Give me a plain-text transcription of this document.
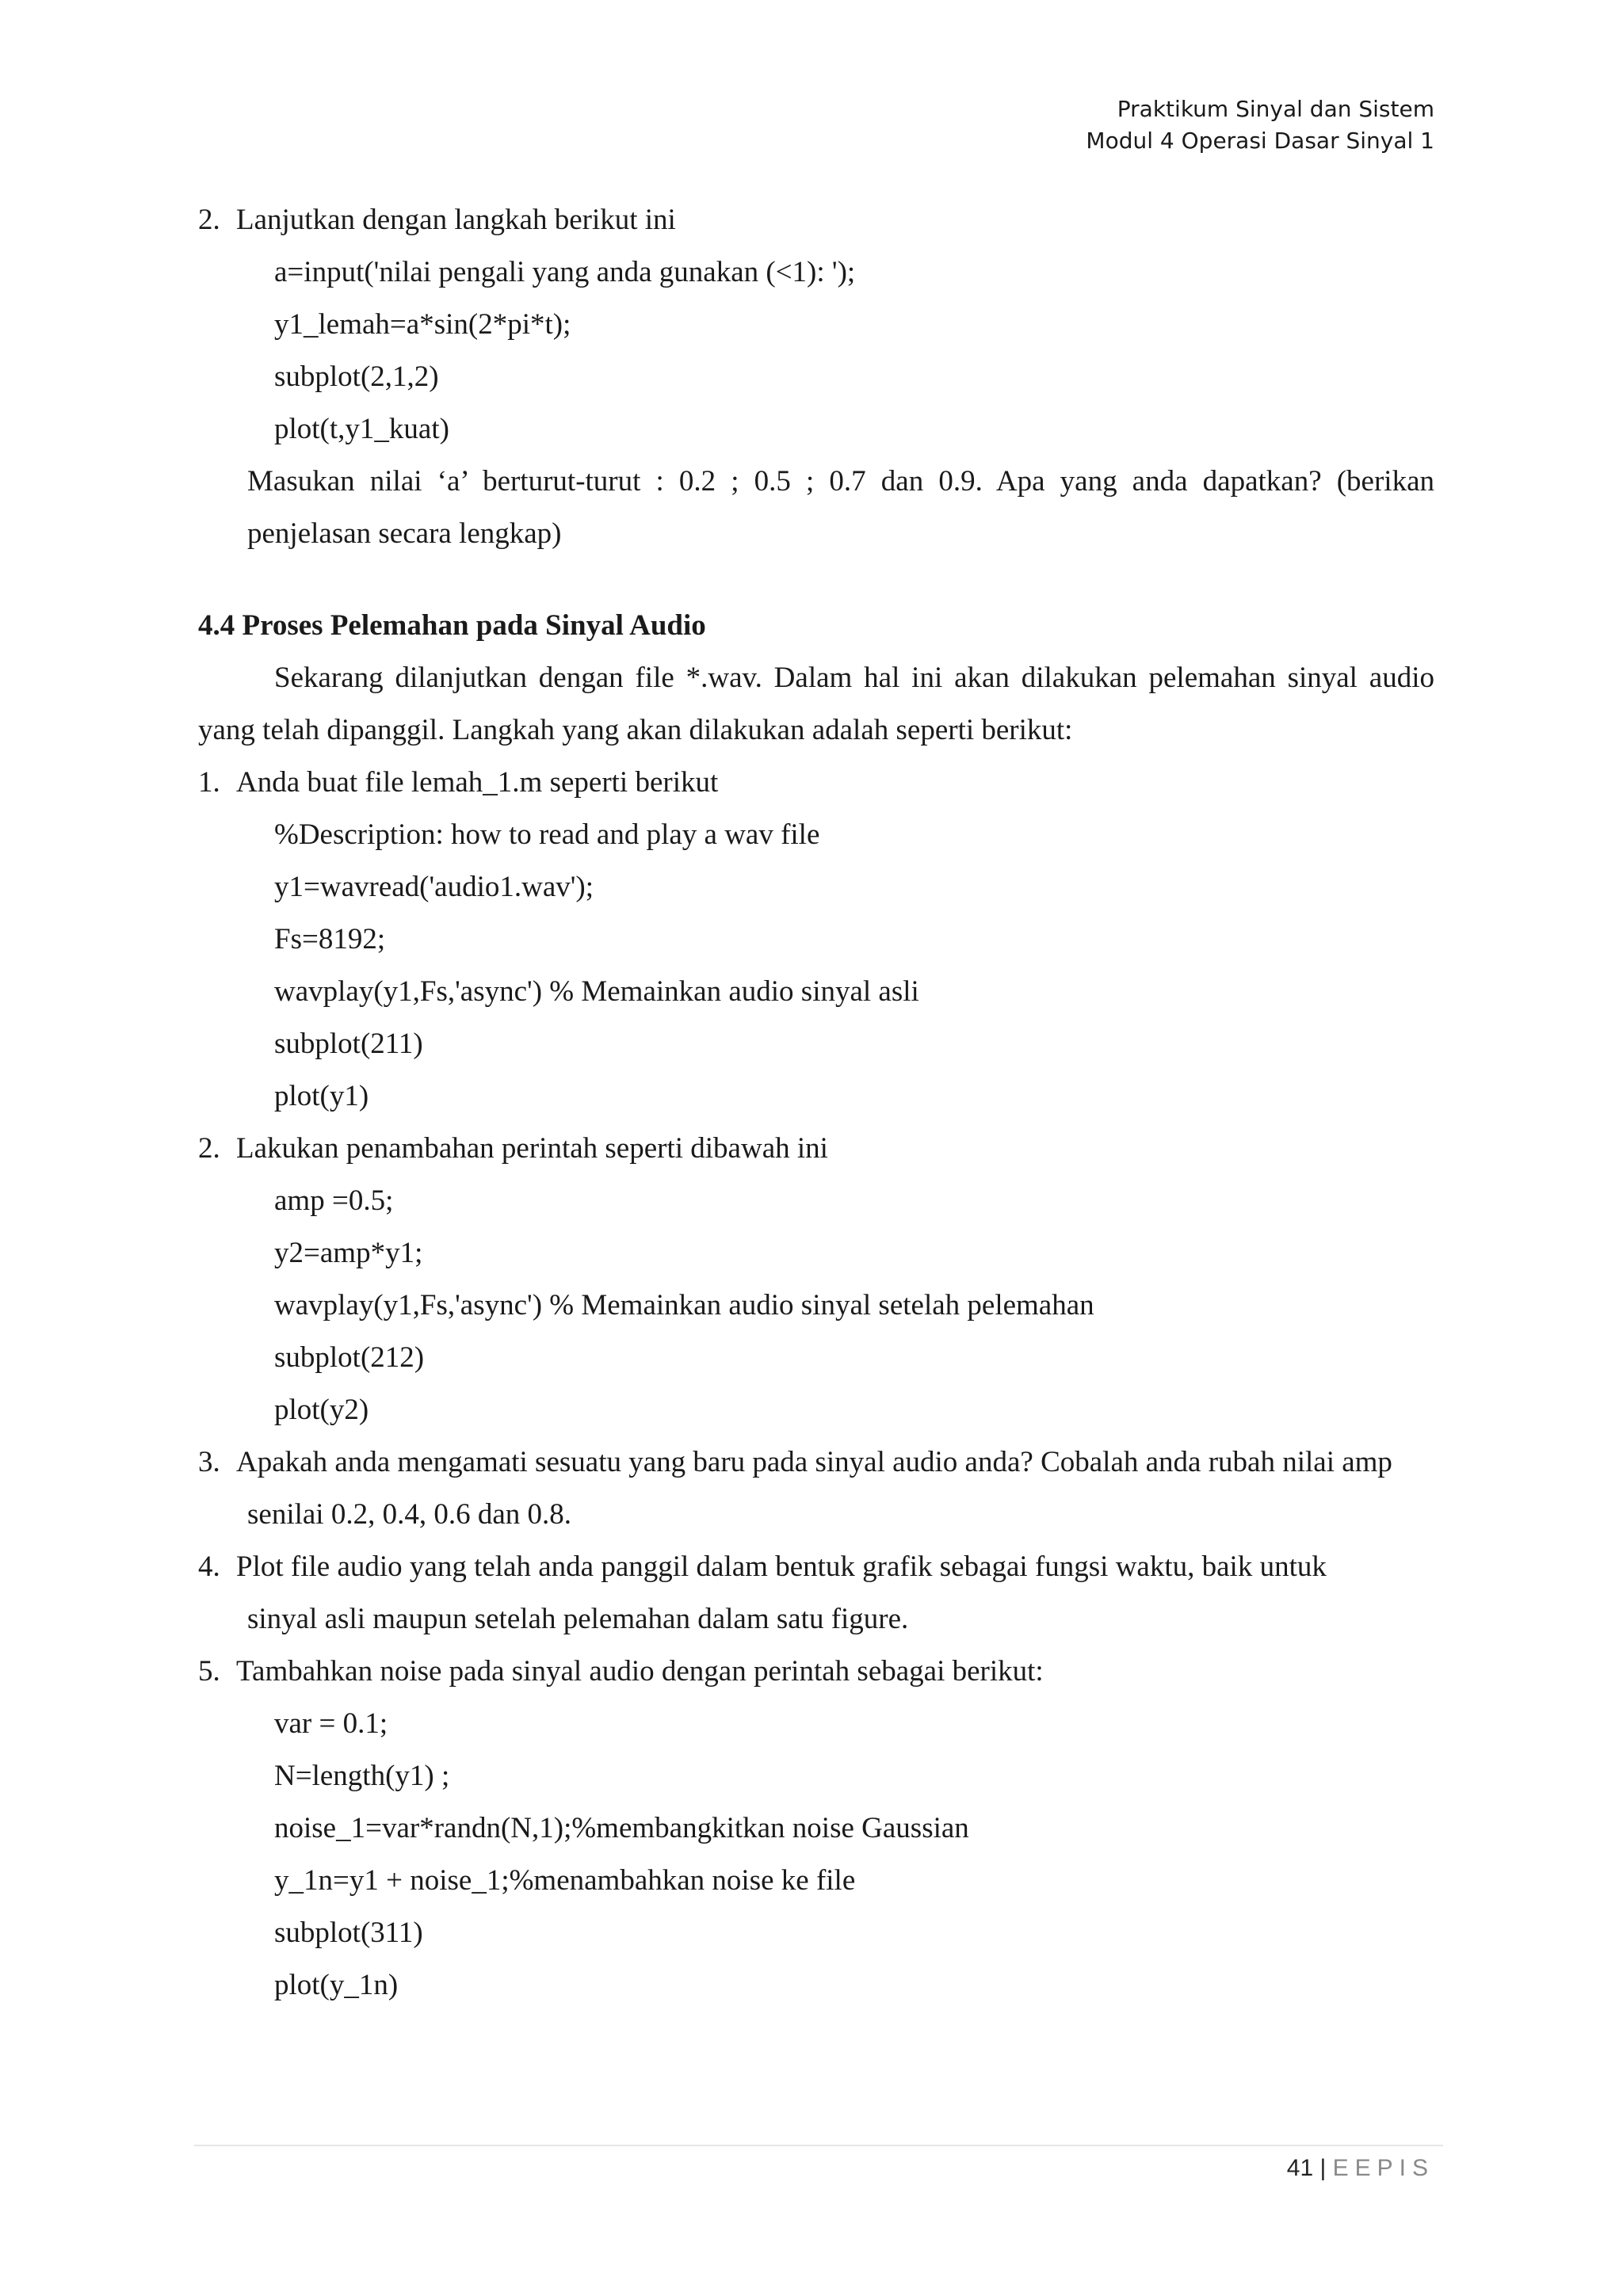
Praktikum Sinyal dan Sistem
Modul 4 Operasi Dasar Sinyal 1
2. Lanjutkan dengan langkah berikut ini
a=input('nilai pengali yang anda gunakan (<1): ');
y1_lemah=a*sin(2*pi*t);
subplot(2,1,2)
plot(t,y1_kuat)
Masukan nilai ‘a’ berturut-turut : 0.2 ; 0.5 ; 0.7 dan 0.9. Apa yang anda dapatkan? (berikan
penjelasan secara lengkap)
4.4 Proses Pelemahan pada Sinyal Audio
Sekarang dilanjutkan dengan file *.wav. Dalam hal ini akan dilakukan pelemahan sinyal audio
yang telah dipanggil. Langkah yang akan dilakukan adalah seperti berikut:
1. Anda buat file lemah_1.m seperti berikut
%Description: how to read and play a wav file
y1=wavread('audio1.wav');
Fs=8192;
wavplay(y1,Fs,'async') % Memainkan audio sinyal asli
subplot(211)
plot(y1)
2. Lakukan penambahan perintah seperti dibawah ini
amp =0.5;
y2=amp*y1;
wavplay(y1,Fs,'async') % Memainkan audio sinyal setelah pelemahan
subplot(212)
plot(y2)
3. Apakah anda mengamati sesuatu yang baru pada sinyal audio anda? Cobalah anda rubah nilai amp
senilai 0.2, 0.4, 0.6 dan 0.8.
4. Plot file audio yang telah anda panggil dalam bentuk grafik sebagai fungsi waktu, baik untuk
sinyal asli maupun setelah pelemahan dalam satu figure.
5. Tambahkan noise pada sinyal audio dengan perintah sebagai berikut:
var = 0.1;
N=length(y1) ;
noise_1=var*randn(N,1);%membangkitkan noise Gaussian
y_1n=y1 + noise_1;%menambahkan noise ke file
subplot(311)
plot(y_1n)
41 | EEPIS
